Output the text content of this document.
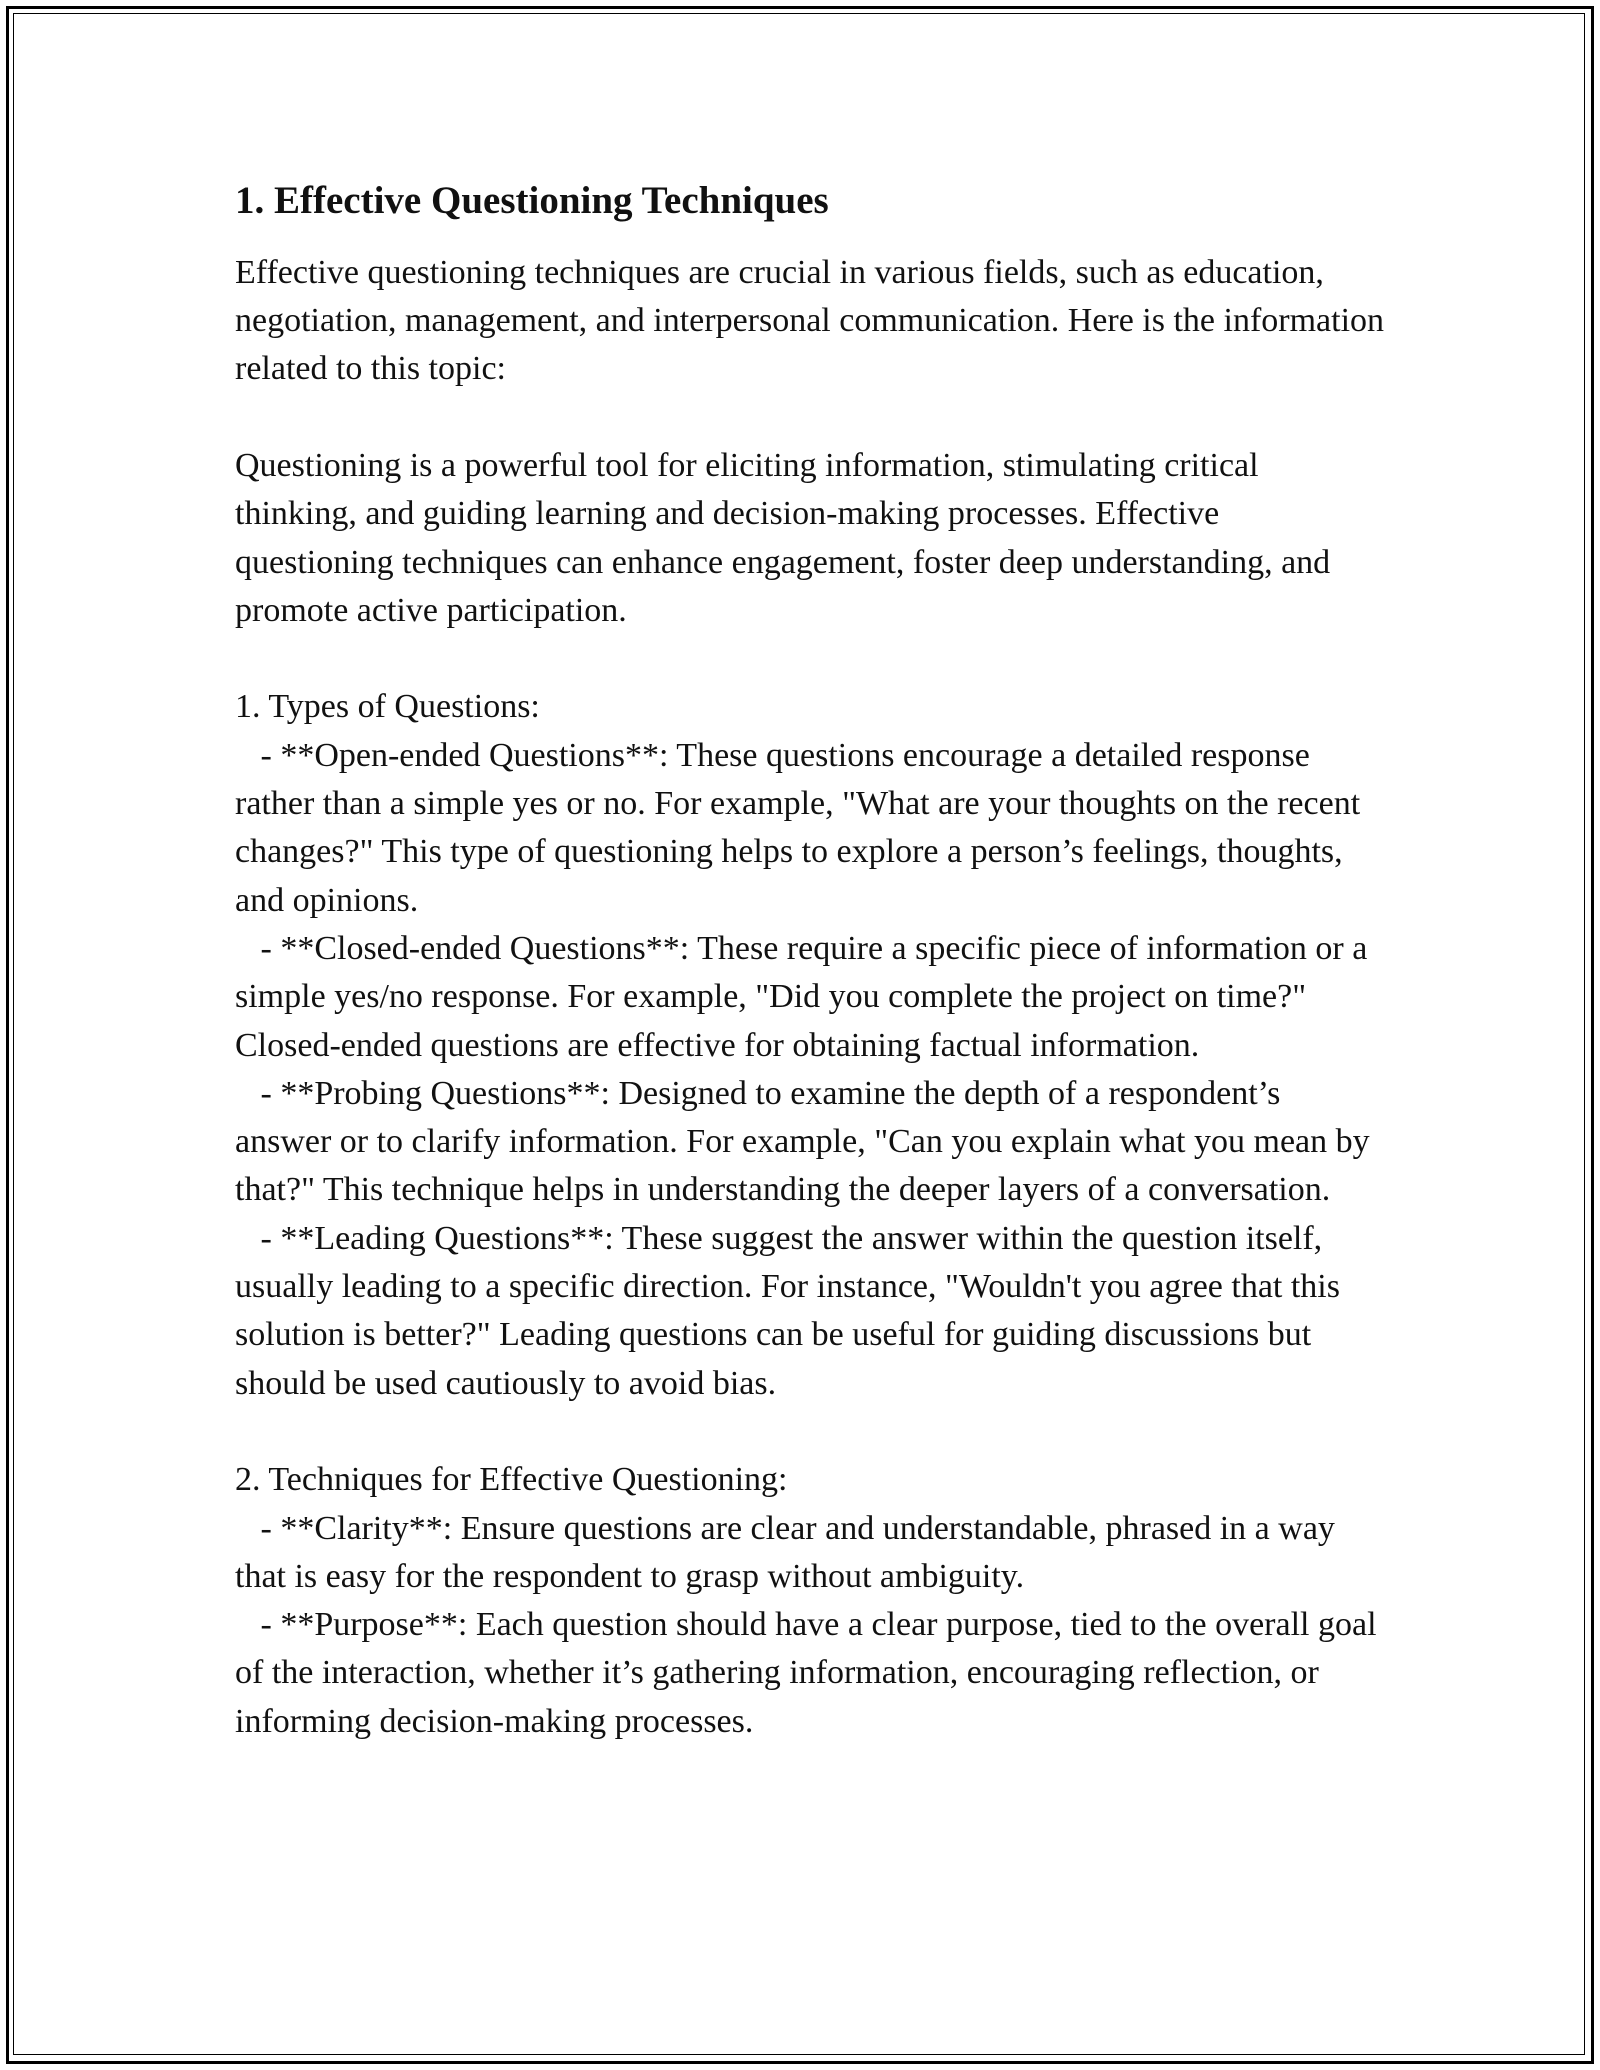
1. Effective Questioning Techniques

Effective questioning techniques are crucial in various fields, such as education, negotiation, management, and interpersonal communication. Here is the information related to this topic:

Questioning is a powerful tool for eliciting information, stimulating critical thinking, and guiding learning and decision-making processes. Effective questioning techniques can enhance engagement, foster deep understanding, and promote active participation.

1. Types of Questions:

- **Open-ended Questions**: These questions encourage a detailed response rather than a simple yes or no. For example, "What are your thoughts on the recent changes?" This type of questioning helps to explore a person’s feelings, thoughts, and opinions.

- **Closed-ended Questions**: These require a specific piece of information or a simple yes/no response. For example, "Did you complete the project on time?" Closed-ended questions are effective for obtaining factual information.

- **Probing Questions**: Designed to examine the depth of a respondent’s answer or to clarify information. For example, "Can you explain what you mean by that?" This technique helps in understanding the deeper layers of a conversation.

- **Leading Questions**: These suggest the answer within the question itself, usually leading to a specific direction. For instance, "Wouldn't you agree that this solution is better?" Leading questions can be useful for guiding discussions but should be used cautiously to avoid bias.

2. Techniques for Effective Questioning:

- **Clarity**: Ensure questions are clear and understandable, phrased in a way that is easy for the respondent to grasp without ambiguity.

- **Purpose**: Each question should have a clear purpose, tied to the overall goal of the interaction, whether it’s gathering information, encouraging reflection, or informing decision-making processes.
